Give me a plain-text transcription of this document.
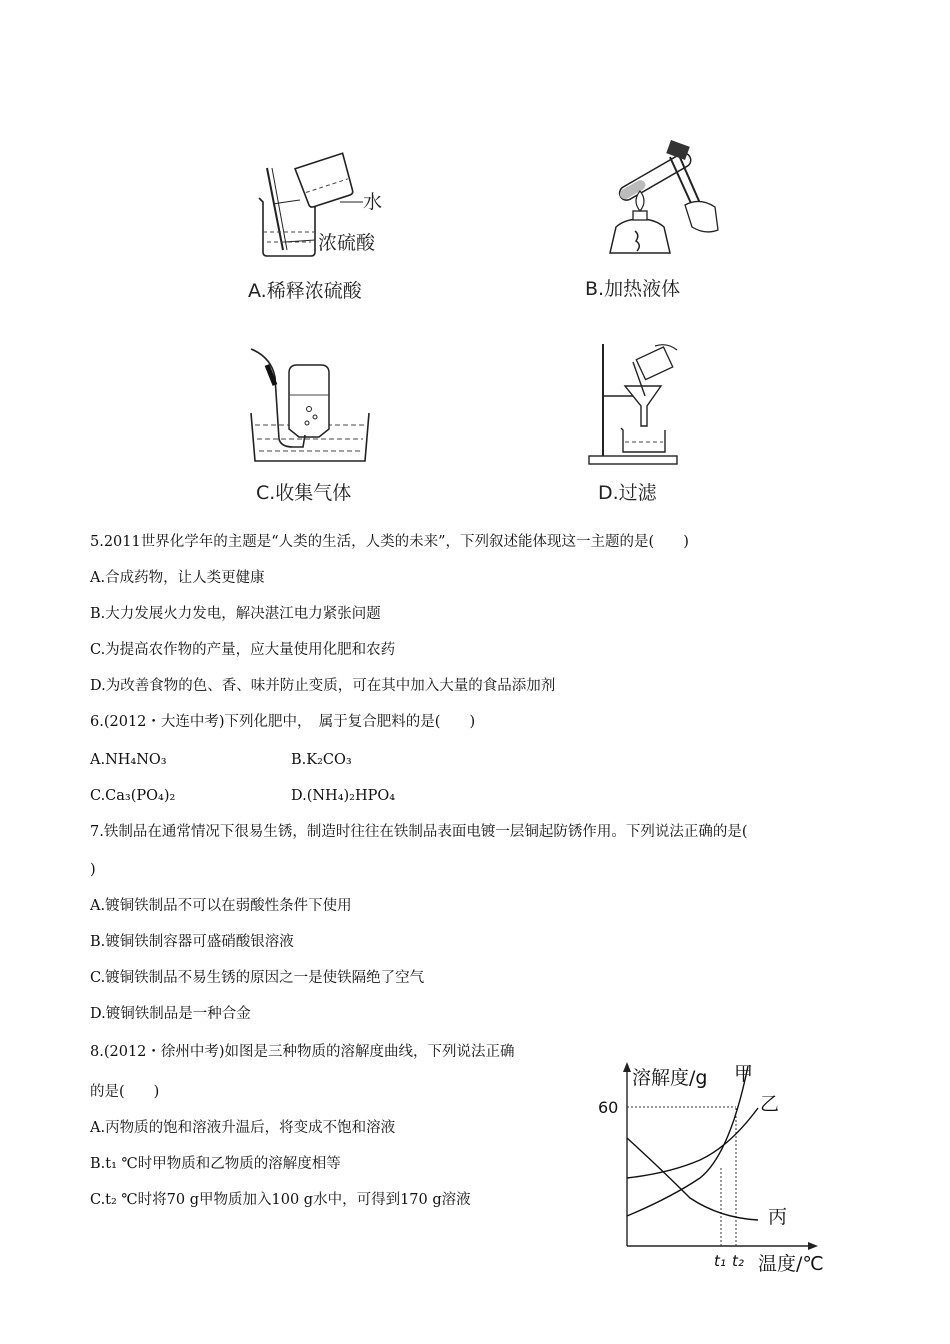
水
浓硫酸
A.稀释浓硫酸	B.加热液体
C.收集气体	D.过滤
5.2011世界化学年的主题是“人类的生活，人类的未来”，下列叙述能体现这一主题的是(　　)
A.合成药物，让人类更健康
B.大力发展火力发电，解决湛江电力紧张问题
C.为提高农作物的产量，应大量使用化肥和农药
D.为改善食物的色、香、味并防止变质，可在其中加入大量的食品添加剂
6.(2012・大连中考)下列化肥中，　属于复合肥料的是(　　)
A.NH₄NO₃	B.K₂CO₃
C.Ca₃(PO₄)₂	D.(NH₄)₂HPO₄
7.铁制品在通常情况下很易生锈，制造时往往在铁制品表面电镀一层铜起防锈作用。下列说法正确的是(
)
A.镀铜铁制品不可以在弱酸性条件下使用
B.镀铜铁制容器可盛硝酸银溶液
C.镀铜铁制品不易生锈的原因之一是使铁隔绝了空气
D.镀铜铁制品是一种合金
8.(2012・徐州中考)如图是三种物质的溶解度曲线，下列说法正确
的是(　　)
A.丙物质的饱和溶液升温后，将变成不饱和溶液
B.t₁ ℃时甲物质和乙物质的溶解度相等
C.t₂ ℃时将70 g甲物质加入100 g水中，可得到170 g溶液
溶解度/g
60
t₁ t₂ 温度/℃
甲
乙
丙
